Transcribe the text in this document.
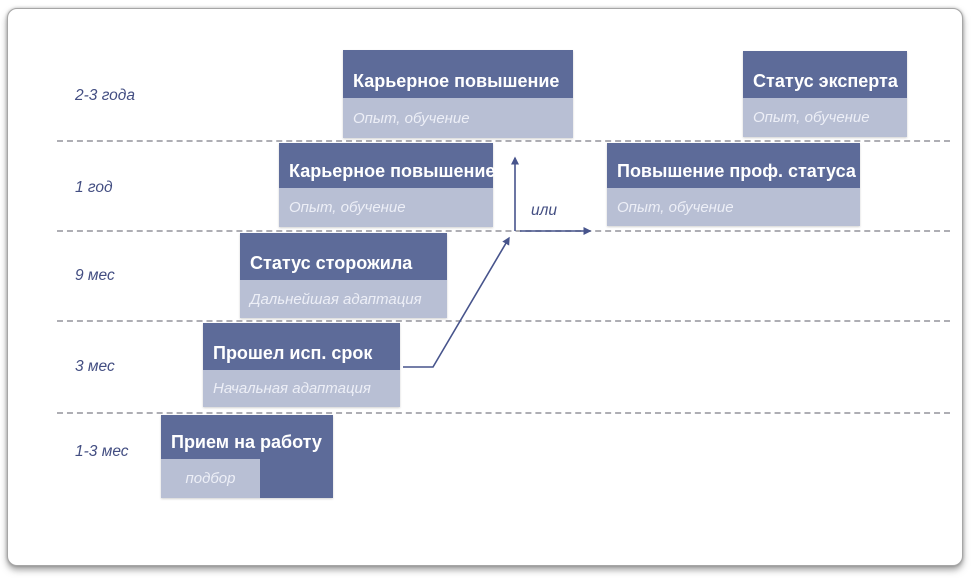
2-3 года
1 год
9 мес
3 мес
1-3 мес
Карьерное повышение
Опыт, обучение
Статус эксперта
Опыт, обучение
Карьерное повышение
Опыт, обучение
Повышение проф. статуса
Опыт, обучение
Статус сторожила
Дальнейшая адаптация
Прошел исп. срок
Начальная адаптация
Прием на работу
подбор
или
